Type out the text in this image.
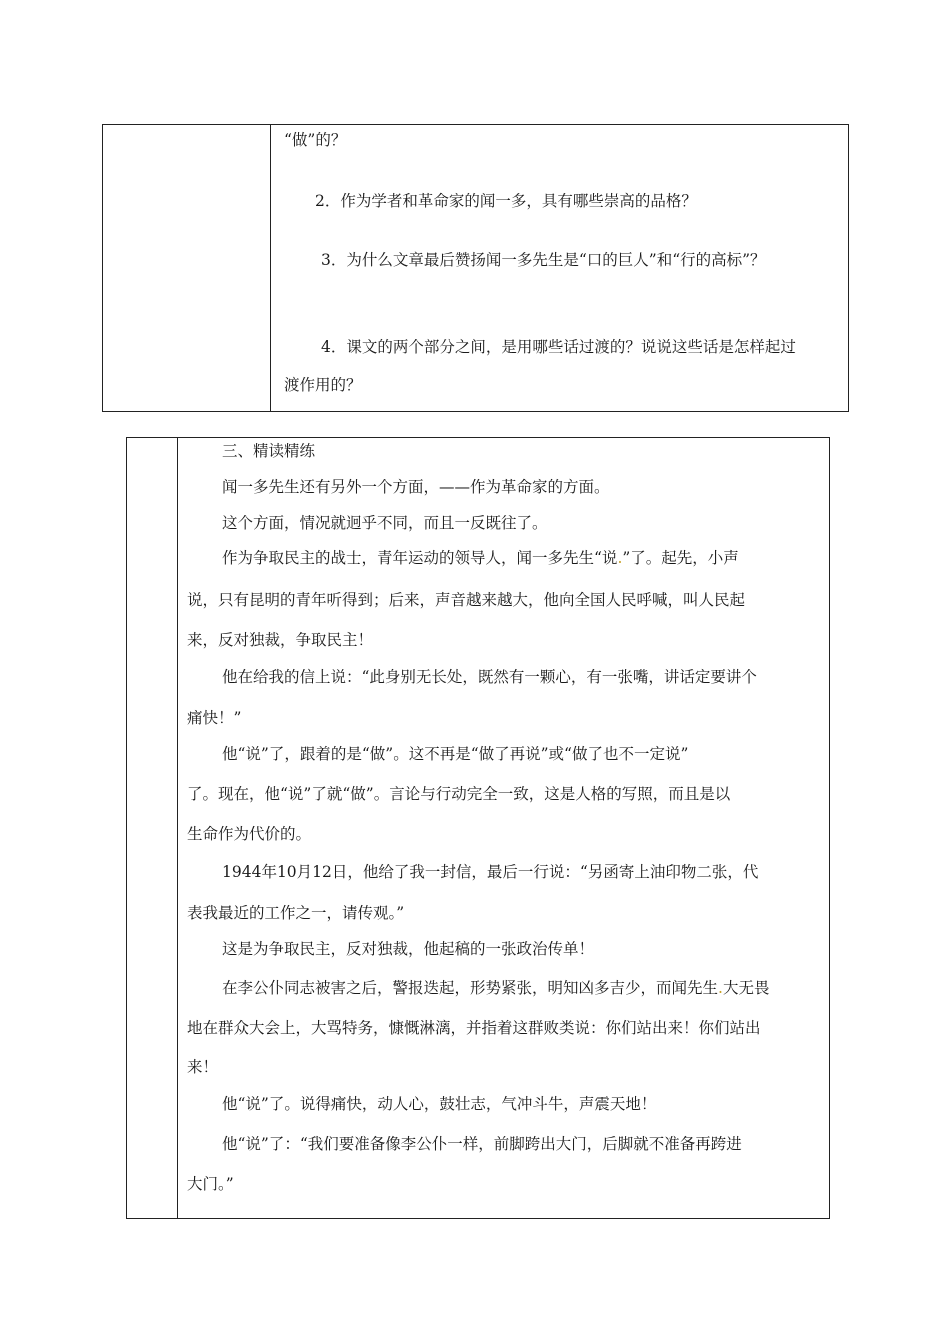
“做”的？
2．作为学者和革命家的闻一多，具有哪些崇高的品格？
3．为什么文章最后赞扬闻一多先生是“口的巨人”和“行的高标”？
4．课文的两个部分之间，是用哪些话过渡的？说说这些话是怎样起过
渡作用的？
三、精读精练
闻一多先生还有另外一个方面，——作为革命家的方面。
这个方面，情况就迥乎不同，而且一反既往了。
作为争取民主的战士，青年运动的领导人，闻一多先生“说.”了。起先，小声
说，只有昆明的青年听得到；后来，声音越来越大，他向全国人民呼喊，叫人民起
来，反对独裁，争取民主！
他在给我的信上说：“此身别无长处，既然有一颗心，有一张嘴，讲话定要讲个
痛快！”
他“说”了，跟着的是“做”。这不再是“做了再说”或“做了也不一定说”
了。现在，他“说”了就“做”。言论与行动完全一致，这是人格的写照，而且是以
生命作为代价的。
1944年10月12日，他给了我一封信，最后一行说：“另函寄上油印物二张，代
表我最近的工作之一，请传观。”
这是为争取民主，反对独裁，他起稿的一张政治传单！
在李公仆同志被害之后，警报迭起，形势紧张，明知凶多吉少，而闻先生.大无畏
地在群众大会上，大骂特务，慷慨淋漓，并指着这群败类说：你们站出来！你们站出
来！
他“说”了。说得痛快，动人心，鼓壮志，气冲斗牛，声震天地！
他“说”了：“我们要准备像李公仆一样，前脚跨出大门，后脚就不准备再跨进
大门。”
